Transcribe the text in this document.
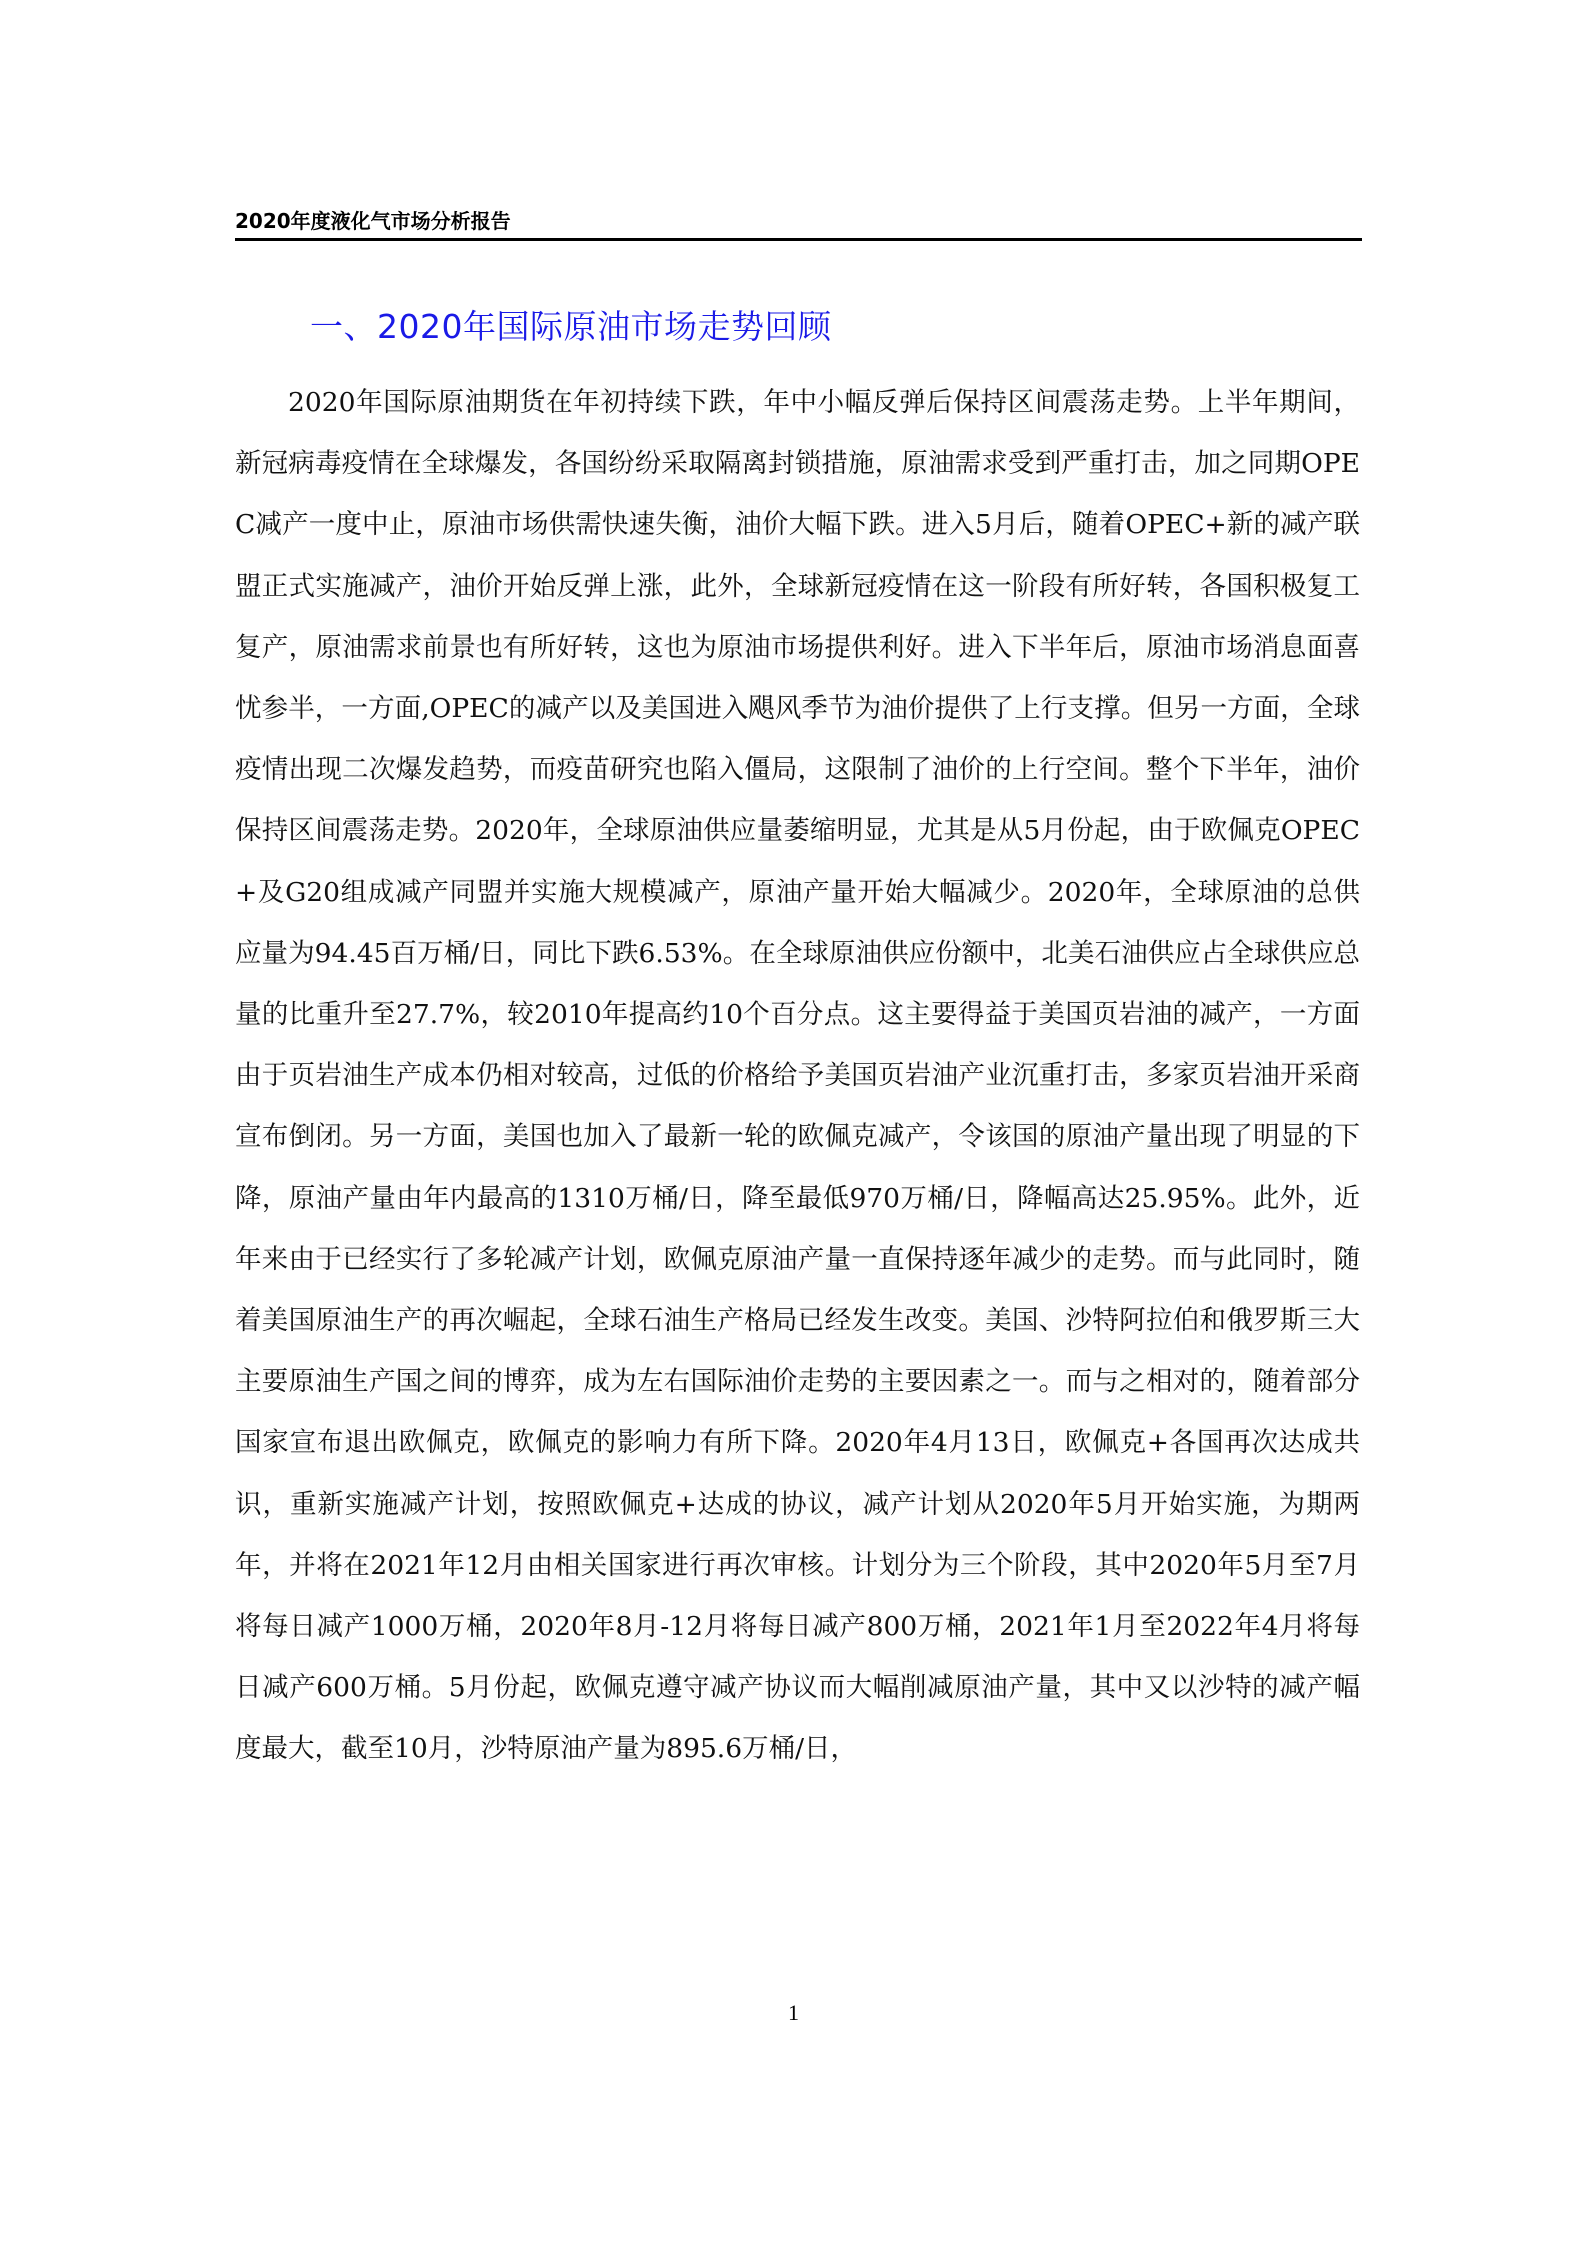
2020年度液化气市场分析报告
一、2020年国际原油市场走势回顾

2020年国际原油期货在年初持续下跌，年中小幅反弹后保持区间震荡走势。上半年期间，新冠病毒疫情在全球爆发，各国纷纷采取隔离封锁措施，原油需求受到严重打击，加之同期OPEC减产一度中止，原油市场供需快速失衡，油价大幅下跌。进入5月后，随着OPEC+新的减产联盟正式实施减产，油价开始反弹上涨，此外，全球新冠疫情在这一阶段有所好转，各国积极复工复产，原油需求前景也有所好转，这也为原油市场提供利好。进入下半年后，原油市场消息面喜忧参半，一方面,OPEC的减产以及美国进入飓风季节为油价提供了上行支撑。但另一方面，全球疫情出现二次爆发趋势，而疫苗研究也陷入僵局，这限制了油价的上行空间。整个下半年，油价保持区间震荡走势。2020年，全球原油供应量萎缩明显，尤其是从5月份起，由于欧佩克OPEC+及G20组成减产同盟并实施大规模减产，原油产量开始大幅减少。2020年，全球原油的总供应量为94.45百万桶/日，同比下跌6.53%。在全球原油供应份额中，北美石油供应占全球供应总量的比重升至27.7%，较2010年提高约10个百分点。这主要得益于美国页岩油的减产，一方面由于页岩油生产成本仍相对较高，过低的价格给予美国页岩油产业沉重打击，多家页岩油开采商宣布倒闭。另一方面，美国也加入了最新一轮的欧佩克减产，令该国的原油产量出现了明显的下降，原油产量由年内最高的1310万桶/日，降至最低970万桶/日，降幅高达25.95%。此外，近年来由于已经实行了多轮减产计划，欧佩克原油产量一直保持逐年减少的走势。而与此同时，随着美国原油生产的再次崛起，全球石油生产格局已经发生改变。美国、沙特阿拉伯和俄罗斯三大主要原油生产国之间的博弈，成为左右国际油价走势的主要因素之一。而与之相对的，随着部分国家宣布退出欧佩克，欧佩克的影响力有所下降。2020年4月13日，欧佩克+各国再次达成共识，重新实施减产计划，按照欧佩克+达成的协议，减产计划从2020年5月开始实施，为期两年，并将在2021年12月由相关国家进行再次审核。计划分为三个阶段，其中2020年5月至7月将每日减产1000万桶，2020年8月-12月将每日减产800万桶，2021年1月至2022年4月将每日减产600万桶。5月份起，欧佩克遵守减产协议而大幅削减原油产量，其中又以沙特的减产幅度最大，截至10月，沙特原油产量为895.6万桶/日，

1
